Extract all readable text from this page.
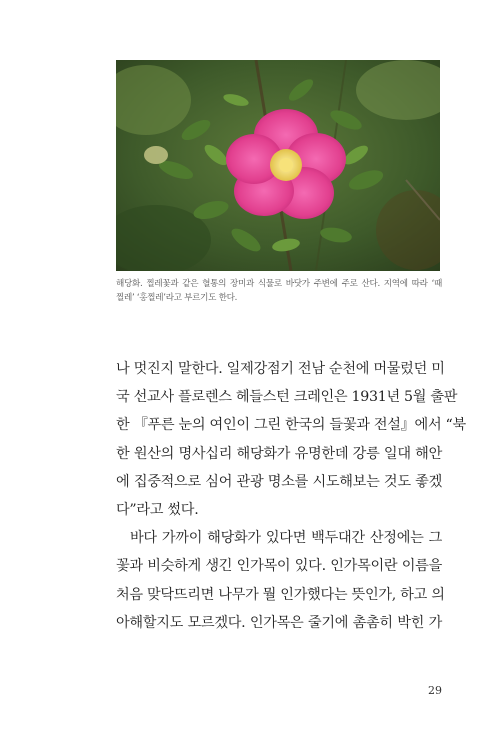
해당화. 찔레꽃과 같은 혈통의 장미과 식물로 바닷가 주변에 주로 산다. 지역에 따라 ‘때
찔레’ ‘홍찔레’라고 부르기도 한다.
나 멋진지 말한다. 일제강점기 전남 순천에 머물렀던 미
국 선교사 플로렌스 헤들스턴 크레인은 1931년 5월 출판
한 『푸른 눈의 여인이 그린 한국의 들꽃과 전설』에서 “북
한 원산의 명사십리 해당화가 유명한데 강릉 일대 해안
에 집중적으로 심어 관광 명소를 시도해보는 것도 좋겠
다”라고 썼다.
바다 가까이 해당화가 있다면 백두대간 산정에는 그
꽃과 비슷하게 생긴 인가목이 있다. 인가목이란 이름을
처음 맞닥뜨리면 나무가 뭘 인가했다는 뜻인가, 하고 의
아해할지도 모르겠다. 인가목은 줄기에 촘촘히 박힌 가
29
